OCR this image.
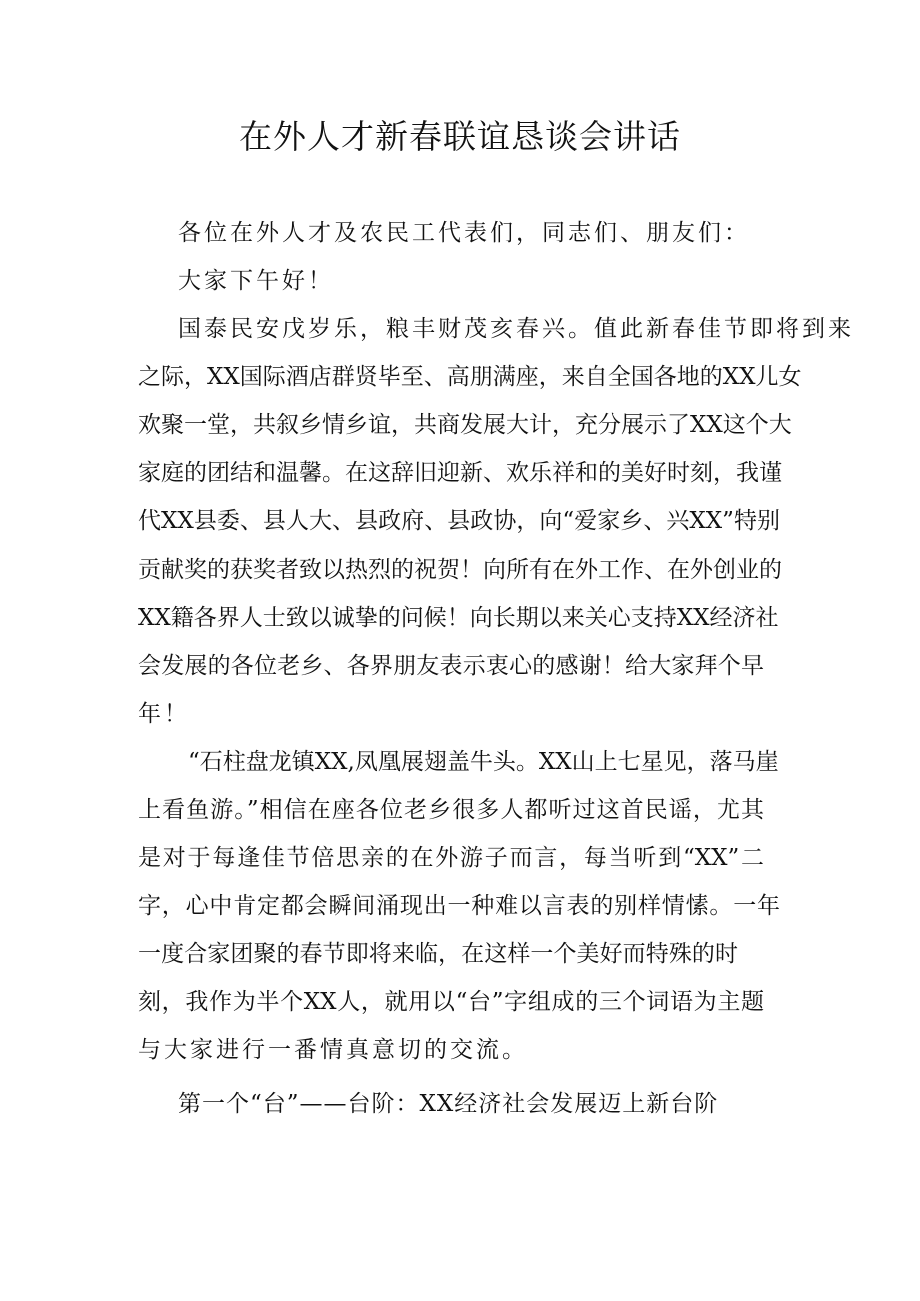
在外人才新春联谊恳谈会讲话

各位在外人才及农民工代表们，同志们、朋友们：

大家下午好！

国泰民安戊岁乐，粮丰财茂亥春兴。值此新春佳节即将到来

之际，XX国际酒店群贤毕至、高朋满座，来自全国各地的XX儿女

欢聚一堂，共叙乡情乡谊，共商发展大计，充分展示了XX这个大

家庭的团结和温馨。在这辞旧迎新、欢乐祥和的美好时刻，我谨

代XX县委、县人大、县政府、县政协，向“爱家乡、兴XX”特别

贡献奖的获奖者致以热烈的祝贺！向所有在外工作、在外创业的

XX籍各界人士致以诚挚的问候！向长期以来关心支持XX经济社

会发展的各位老乡、各界朋友表示衷心的感谢！给大家拜个早

年！

“石柱盘龙镇XX,凤凰展翅盖牛头。XX山上七星见，落马崖

上看鱼游。”相信在座各位老乡很多人都听过这首民谣，尤其

是对于每逢佳节倍思亲的在外游子而言，每当听到“XX”二

字，心中肯定都会瞬间涌现出一种难以言表的别样情愫。一年

一度合家团聚的春节即将来临，在这样一个美好而特殊的时

刻，我作为半个XX人，就用以“台”字组成的三个词语为主题

与大家进行一番情真意切的交流。

第一个“台”——台阶：XX经济社会发展迈上新台阶
